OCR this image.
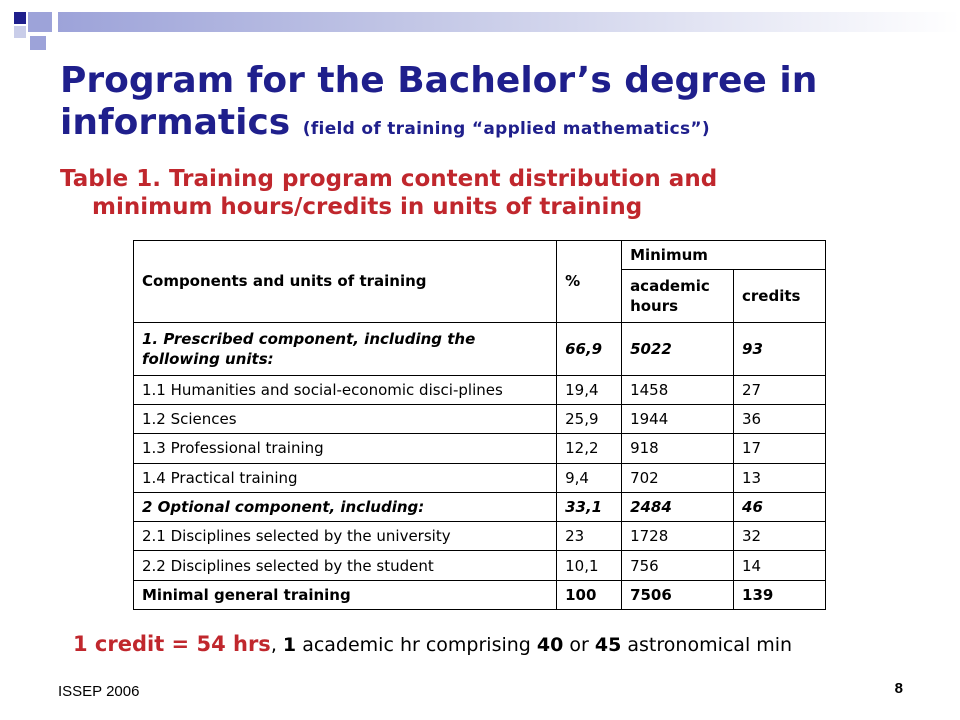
Program for the Bachelor’s degree in informatics (field of training “applied mathematics”)

Table 1. Training program content distribution and
minimum hours/credits in units of training

Components and units of training	%	Minimum	
		academic hours	credits
1. Prescribed component, including the following units:	66,9	5022	93
1.1 Humanities and social-economic disci-plines	19,4	1458	27
1.2 Sciences	25,9	1944	36
1.3 Professional training	12,2	918	17
1.4 Practical training	9,4	702	13
2 Optional component, including:	33,1	2484	46
2.1 Disciplines selected by the university	23	1728	32
2.2 Disciplines selected by the student	10,1	756	14
Minimal general training	100	7506	139

1 credit = 54 hrs, 1 academic hr comprising 40 or 45 astronomical min

ISSEP 2006	8
